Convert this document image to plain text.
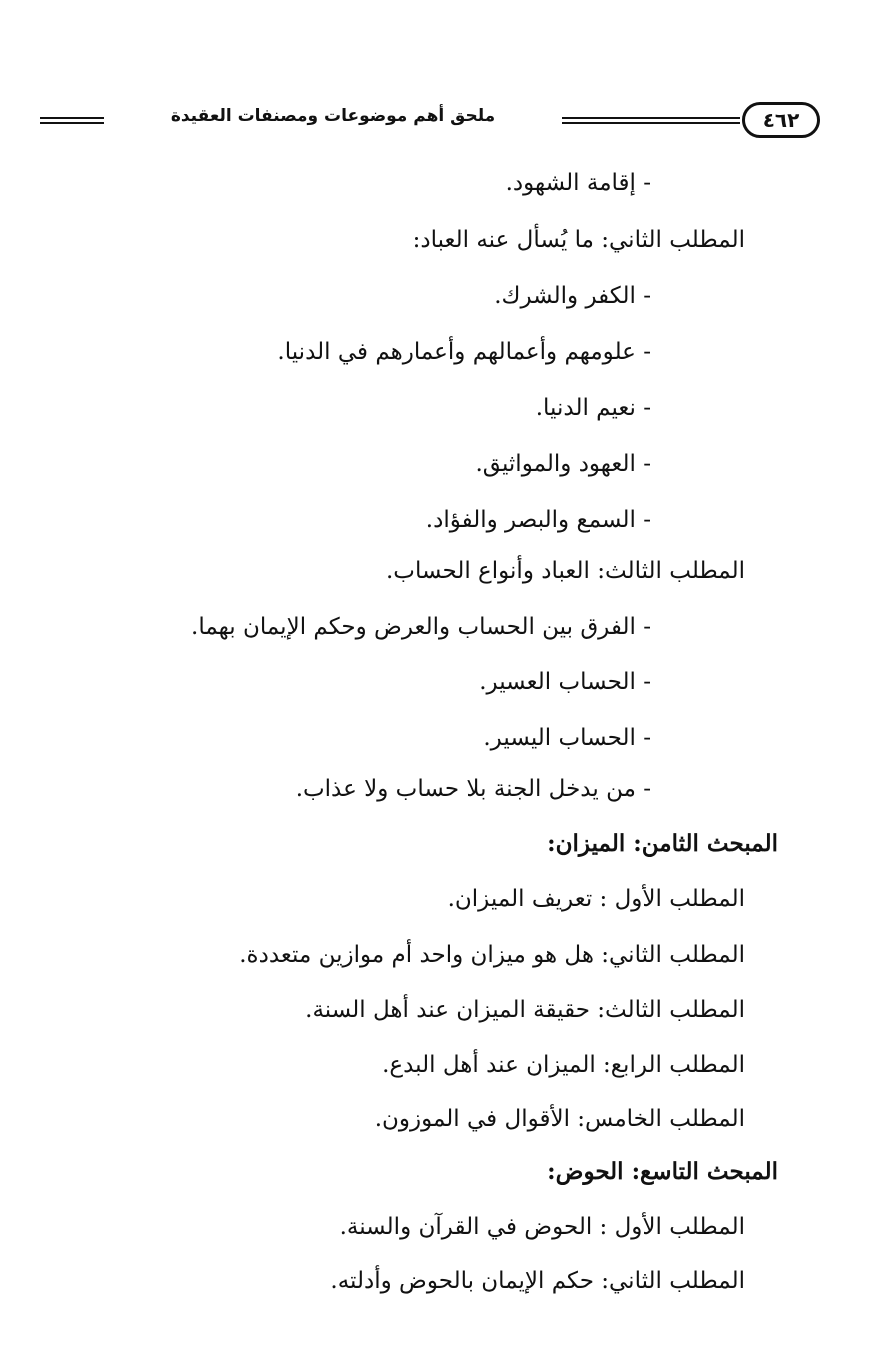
٤٦٢
ملحق أهم موضوعات ومصنفات العقيدة
- إقامة الشهود.
المطلب الثاني: ما يُسأل عنه العباد:
- الكفر والشرك.
- علومهم وأعمالهم وأعمارهم في الدنيا.
- نعيم الدنيا.
- العهود والمواثيق.
- السمع والبصر والفؤاد.
المطلب الثالث: العباد وأنواع الحساب.
- الفرق بين الحساب والعرض وحكم الإيمان بهما.
- الحساب العسير.
- الحساب اليسير.
- من يدخل الجنة بلا حساب ولا عذاب.
المبحث الثامن: الميزان:
المطلب الأول : تعريف الميزان.
المطلب الثاني: هل هو ميزان واحد أم موازين متعددة.
المطلب الثالث: حقيقة الميزان عند أهل السنة.
المطلب الرابع: الميزان عند أهل البدع.
المطلب الخامس: الأقوال في الموزون.
المبحث التاسع: الحوض:
المطلب الأول : الحوض في القرآن والسنة.
المطلب الثاني: حكم الإيمان بالحوض وأدلته.
